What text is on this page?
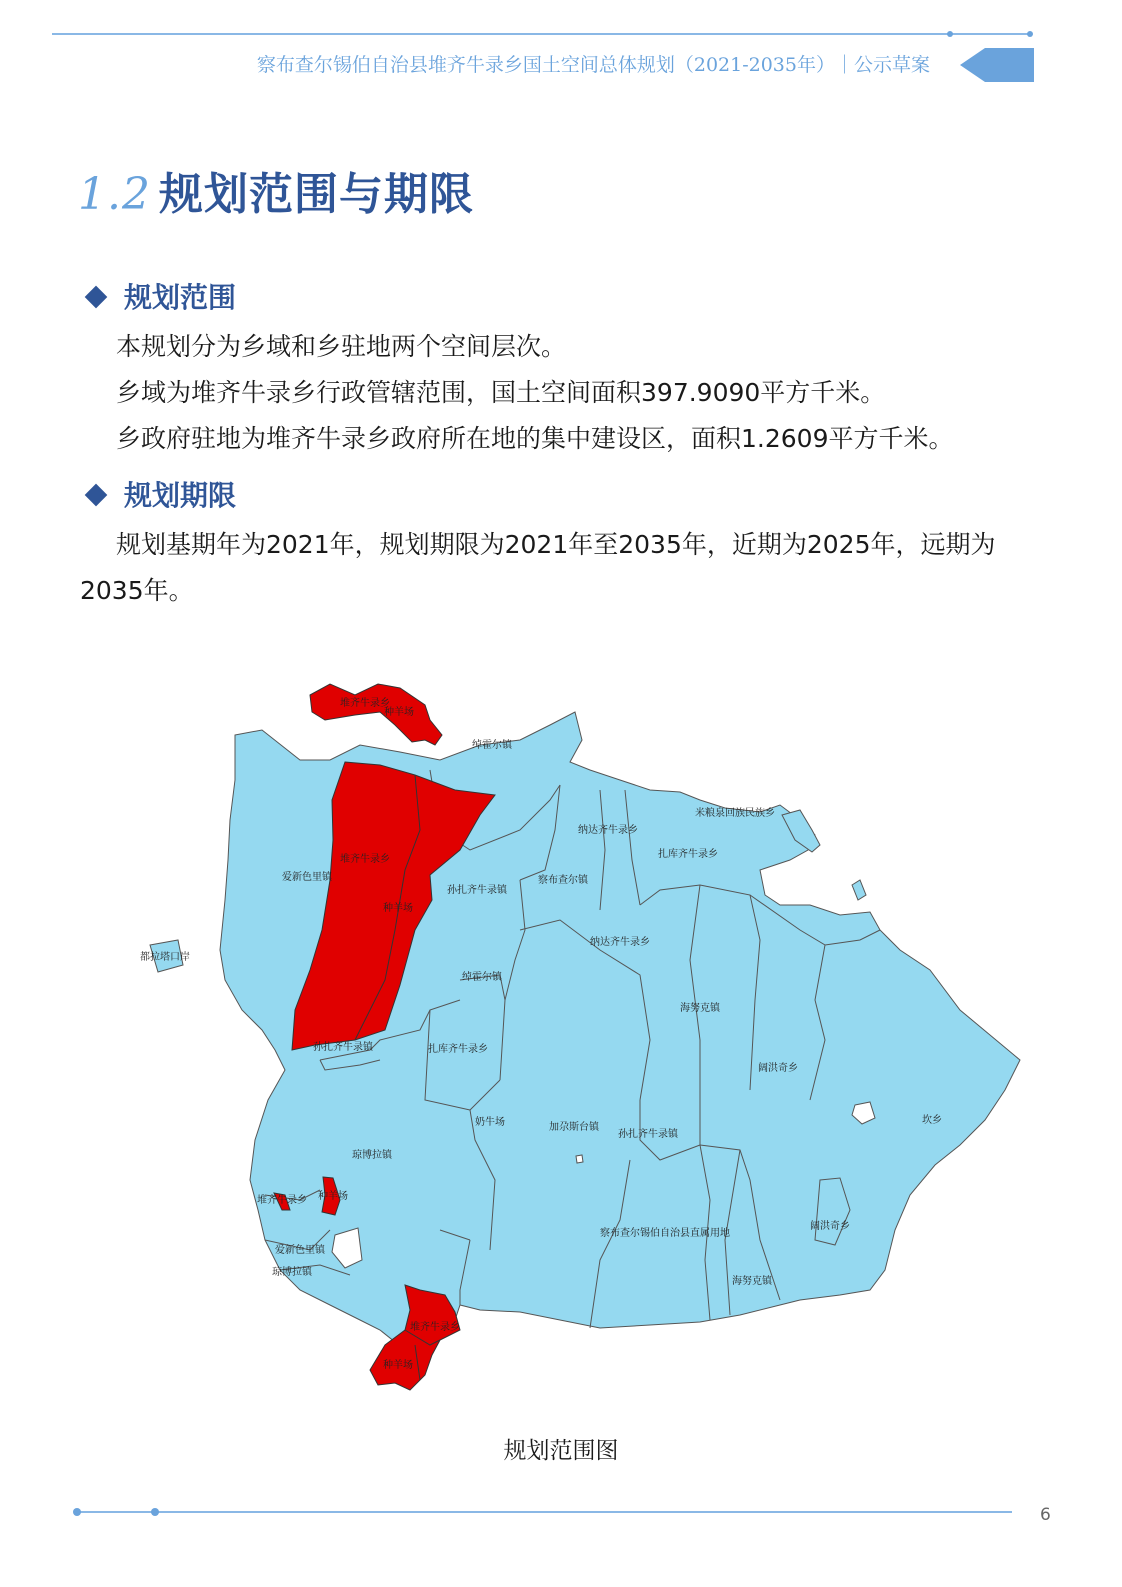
察布查尔锡伯自治县堆齐牛录乡国土空间总体规划（2021-2035年）｜公示草案
1.2 规划范围与期限
规划范围
本规划分为乡域和乡驻地两个空间层次。
乡域为堆齐牛录乡行政管辖范围，国土空间面积397.9090平方千米。
乡政府驻地为堆齐牛录乡政府所在地的集中建设区，面积1.2609平方千米。
规划期限
规划基期年为2021年，规划期限为2021年至2035年，近期为2025年，远期为2035年。
堆齐牛录乡
种羊场
绰霍尔镇
米粮泉回族民族乡
纳达齐牛录乡
扎库齐牛录乡
爱新色里镇
堆齐牛录乡
种羊场
孙扎齐牛录镇
察布查尔镇
都拉塔口岸
纳达齐牛录乡
绰霍尔镇
海努克镇
孙扎齐牛录镇	扎库齐牛录乡
阔洪奇乡
奶牛场	加尕斯台镇
孙扎齐牛录镇
坎乡
琼博拉镇
堆齐牛录乡 种羊场
阔洪奇乡
察布查尔锡伯自治县直属用地
爱新色里镇
琼博拉镇
海努克镇
堆齐牛录乡
种羊场
规划范围图
6
